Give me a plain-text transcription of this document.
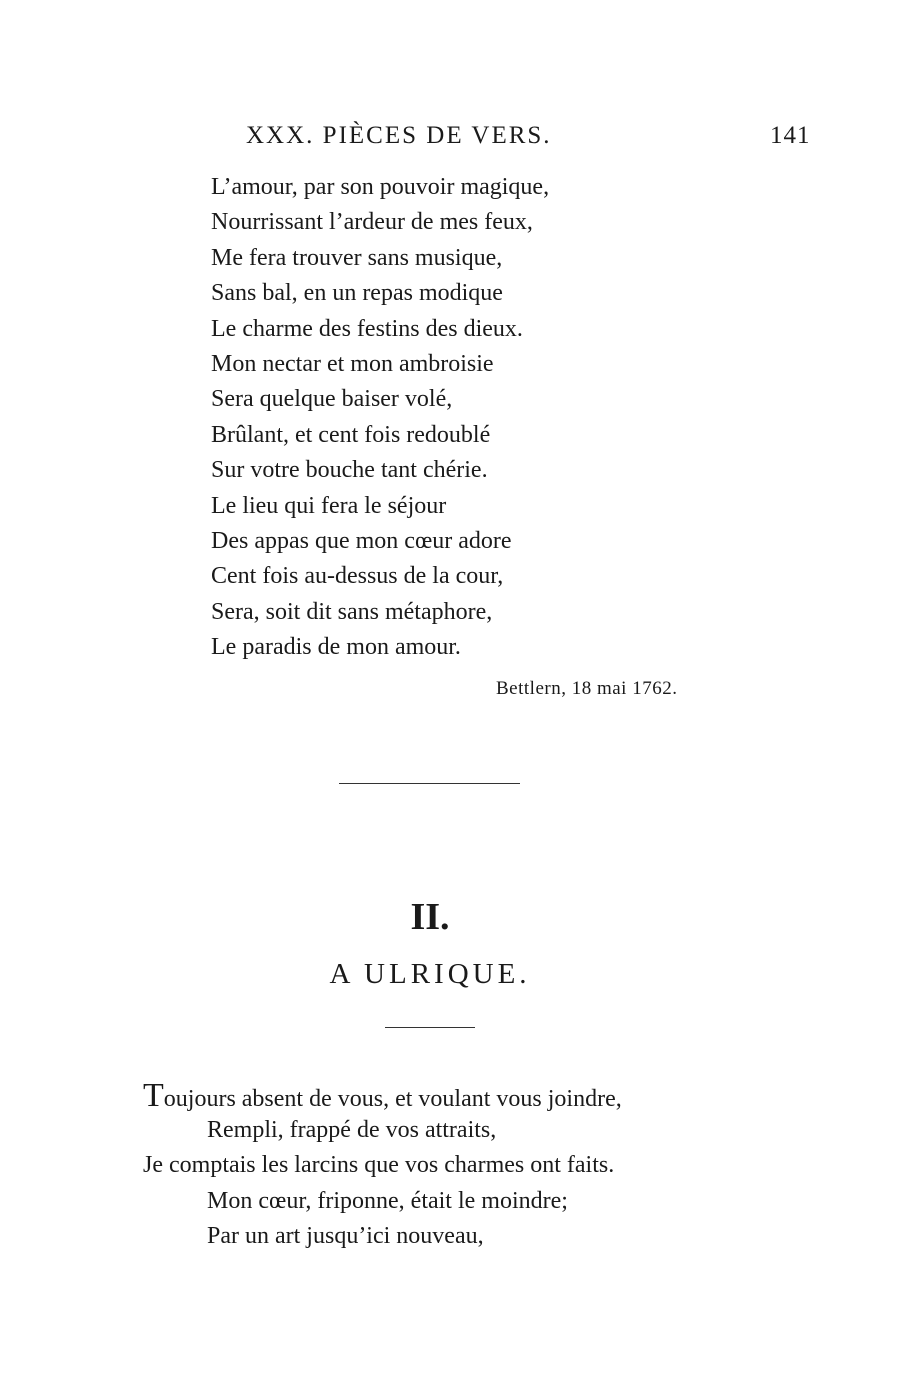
XXX. PIÈCES DE VERS.	141
L’amour, par son pouvoir magique,
Nourrissant l’ardeur de mes feux,
Me fera trouver sans musique,
Sans bal, en un repas modique
Le charme des festins des dieux.
Mon nectar et mon ambroisie
Sera quelque baiser volé,
Brûlant, et cent fois redoublé
Sur votre bouche tant chérie.
Le lieu qui fera le séjour
Des appas que mon cœur adore
Cent fois au-dessus de la cour,
Sera, soit dit sans métaphore,
Le paradis de mon amour.
Bettlern, 18 mai 1762.
II.
A ULRIQUE.
Toujours absent de vous, et voulant vous joindre,
Rempli, frappé de vos attraits,
Je comptais les larcins que vos charmes ont faits.
Mon cœur, friponne, était le moindre;
Par un art jusqu’ici nouveau,
